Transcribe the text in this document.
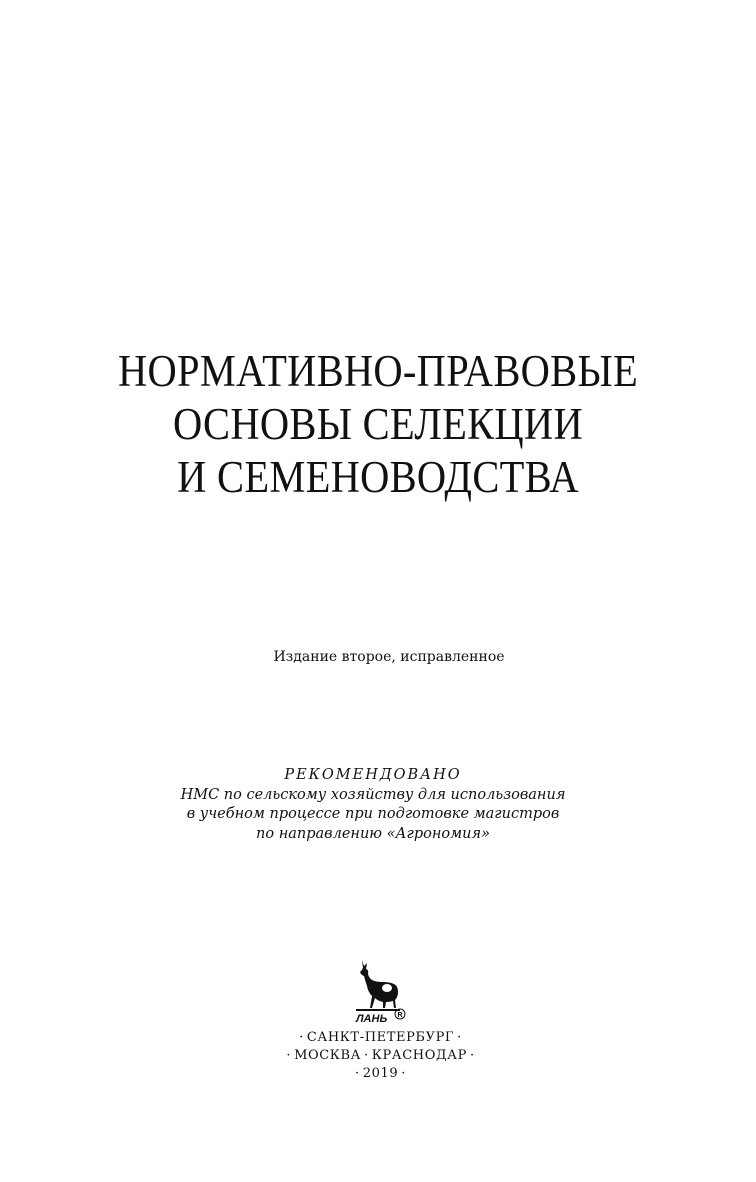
НОРМАТИВНО-ПРАВОВЫЕ
ОСНОВЫ СЕЛЕКЦИИ
И СЕМЕНОВОДСТВА
Издание второе, исправленное
РЕКОМЕНДОВАНО
НМС по сельскому хозяйству для использования
в учебном процессе при подготовке магистров
по направлению «Агрономия»
ЛАНЬ R
· САНКТ-ПЕТЕРБУРГ ·
· МОСКВА · КРАСНОДАР ·
· 2019 ·
